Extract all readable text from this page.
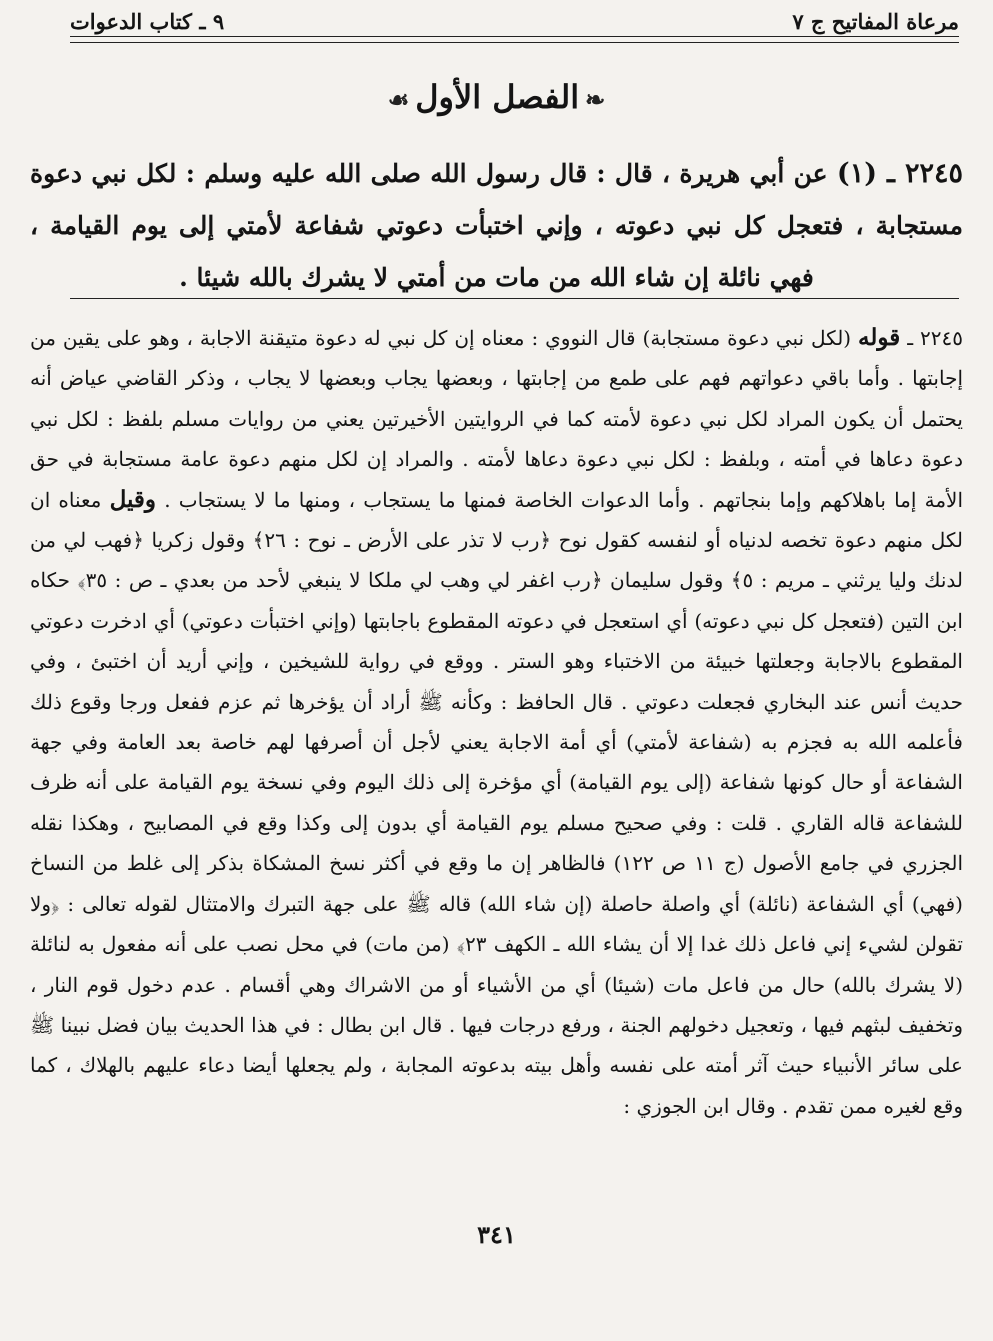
مرعاة المفاتيح ج ٧
٩ ـ كتاب الدعوات
❧الفصل الأول☙
٢٢٤٥ ـ (١) عن أبي هريرة ، قال : قال رسول الله صلى الله عليه وسلم : لكل نبي دعوة مستجابة ، فتعجل كل نبي دعوته ، وإني اختبأت دعوتي شفاعة لأمتي إلى يوم القيامة ، فهي نائلة إن شاء الله من مات من أمتي لا يشرك بالله شيئا .
٢٢٤٥ ـ قوله (لكل نبي دعوة مستجابة) قال النووي : معناه إن كل نبي له دعوة متيقنة الاجابة ، وهو على يقين من إجابتها . وأما باقي دعواتهم فهم على طمع من إجابتها ، وبعضها يجاب وبعضها لا يجاب ، وذكر القاضي عياض أنه يحتمل أن يكون المراد لكل نبي دعوة لأمته كما في الروايتين الأخيرتين يعني من روايات مسلم بلفظ : لكل نبي دعوة دعاها في أمته ، وبلفظ : لكل نبي دعوة دعاها لأمته . والمراد إن لكل منهم دعوة عامة مستجابة في حق الأمة إما باهلاكهم وإما بنجاتهم . وأما الدعوات الخاصة فمنها ما يستجاب ، ومنها ما لا يستجاب . وقيل معناه ان لكل منهم دعوة تخصه لدنياه أو لنفسه كقول نوح ﴿رب لا تذر على الأرض ـ نوح : ٢٦﴾ وقول زكريا ﴿فهب لي من لدنك وليا يرثني ـ مريم : ٥﴾ وقول سليمان ﴿رب اغفر لي وهب لي ملكا لا ينبغي لأحد من بعدي ـ ص : ٣٥﴾ حكاه ابن التين (فتعجل كل نبي دعوته) أي استعجل في دعوته المقطوع باجابتها (وإني اختبأت دعوتي) أي ادخرت دعوتي المقطوع بالاجابة وجعلتها خبيئة من الاختباء وهو الستر . ووقع في رواية للشيخين ، وإني أريد أن اختبئ ، وفي حديث أنس عند البخاري فجعلت دعوتي . قال الحافظ : وكأنه ﷺ أراد أن يؤخرها ثم عزم ففعل ورجا وقوع ذلك فأعلمه الله به فجزم به (شفاعة لأمتي) أي أمة الاجابة يعني لأجل أن أصرفها لهم خاصة بعد العامة وفي جهة الشفاعة أو حال كونها شفاعة (إلى يوم القيامة) أي مؤخرة إلى ذلك اليوم وفي نسخة يوم القيامة على أنه ظرف للشفاعة قاله القاري . قلت : وفي صحيح مسلم يوم القيامة أي بدون إلى وكذا وقع في المصابيح ، وهكذا نقله الجزري في جامع الأصول (ج ١١ ص ١٢٢) فالظاهر إن ما وقع في أكثر نسخ المشكاة بذكر إلى غلط من النساخ (فهي) أي الشفاعة (نائلة) أي واصلة حاصلة (إن شاء الله) قاله ﷺ على جهة التبرك والامتثال لقوله تعالى : ﴿ولا تقولن لشيء إني فاعل ذلك غدا إلا أن يشاء الله ـ الكهف ٢٣﴾ (من مات) في محل نصب على أنه مفعول به لنائلة (لا يشرك بالله) حال من فاعل مات (شيئا) أي من الأشياء أو من الاشراك وهي أقسام . عدم دخول قوم النار ، وتخفيف لبثهم فيها ، وتعجيل دخولهم الجنة ، ورفع درجات فيها . قال ابن بطال : في هذا الحديث بيان فضل نبينا ﷺ على سائر الأنبياء حيث آثر أمته على نفسه وأهل بيته بدعوته المجابة ، ولم يجعلها أيضا دعاء عليهم بالهلاك ، كما وقع لغيره ممن تقدم . وقال ابن الجوزي :
٣٤١
